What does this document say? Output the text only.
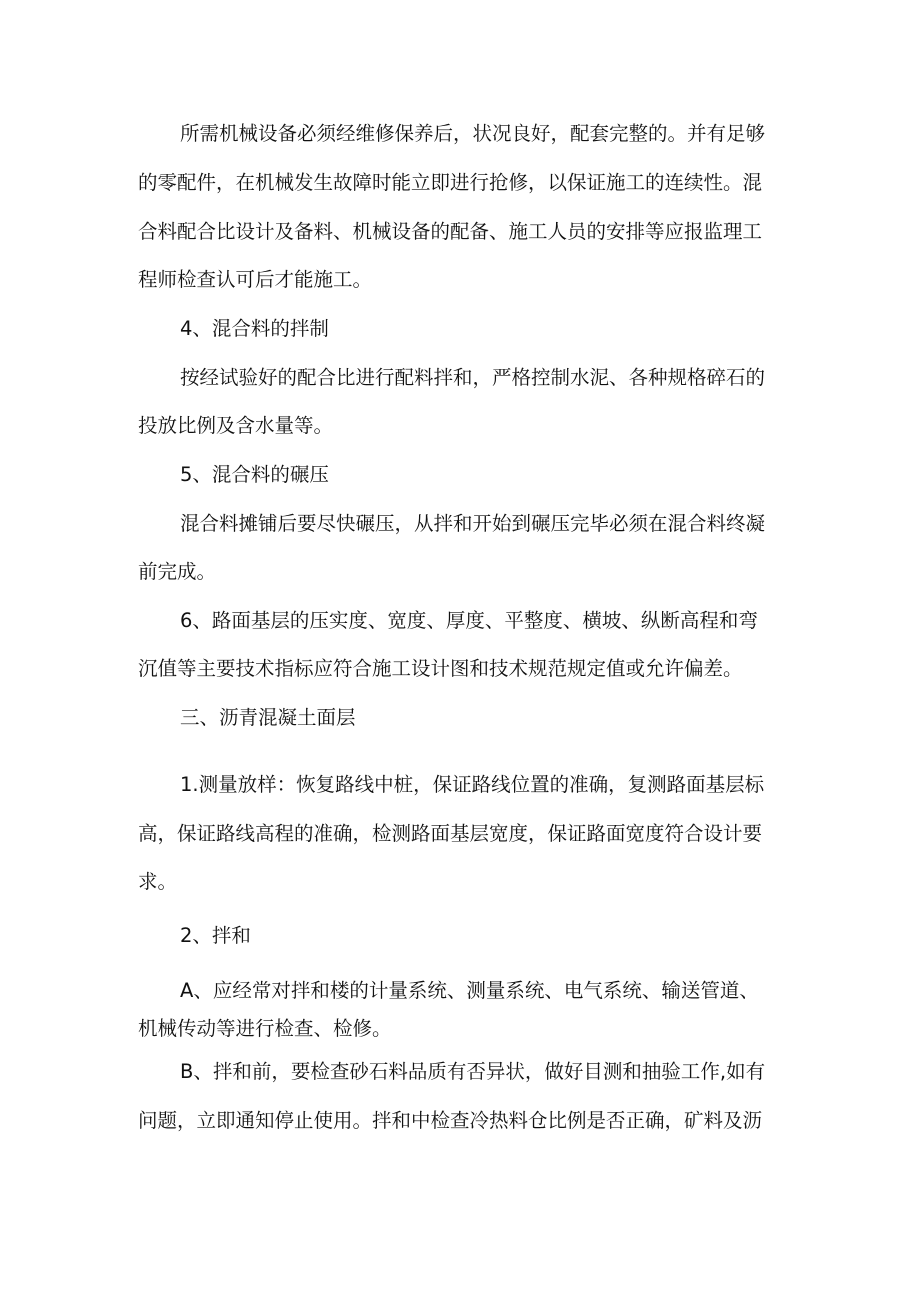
所需机械设备必须经维修保养后，状况良好，配套完整的。并有足够

的零配件，在机械发生故障时能立即进行抢修，以保证施工的连续性。混

合料配合比设计及备料、机械设备的配备、施工人员的安排等应报监理工

程师检查认可后才能施工。

4、混合料的拌制

按经试验好的配合比进行配料拌和，严格控制水泥、各种规格碎石的

投放比例及含水量等。

5、混合料的碾压

混合料摊铺后要尽快碾压，从拌和开始到碾压完毕必须在混合料终凝

前完成。

6、路面基层的压实度、宽度、厚度、平整度、横坡、纵断高程和弯

沉值等主要技术指标应符合施工设计图和技术规范规定值或允许偏差。

三、沥青混凝土面层

1.测量放样：恢复路线中桩，保证路线位置的准确，复测路面基层标

高，保证路线高程的准确，检测路面基层宽度，保证路面宽度符合设计要

求。

2、拌和

A、应经常对拌和楼的计量系统、测量系统、电气系统、输送管道、

机械传动等进行检查、检修。

B、拌和前，要检查砂石料品质有否异状，做好目测和抽验工作,如有

问题，立即通知停止使用。拌和中检查冷热料仓比例是否正确，矿料及沥
